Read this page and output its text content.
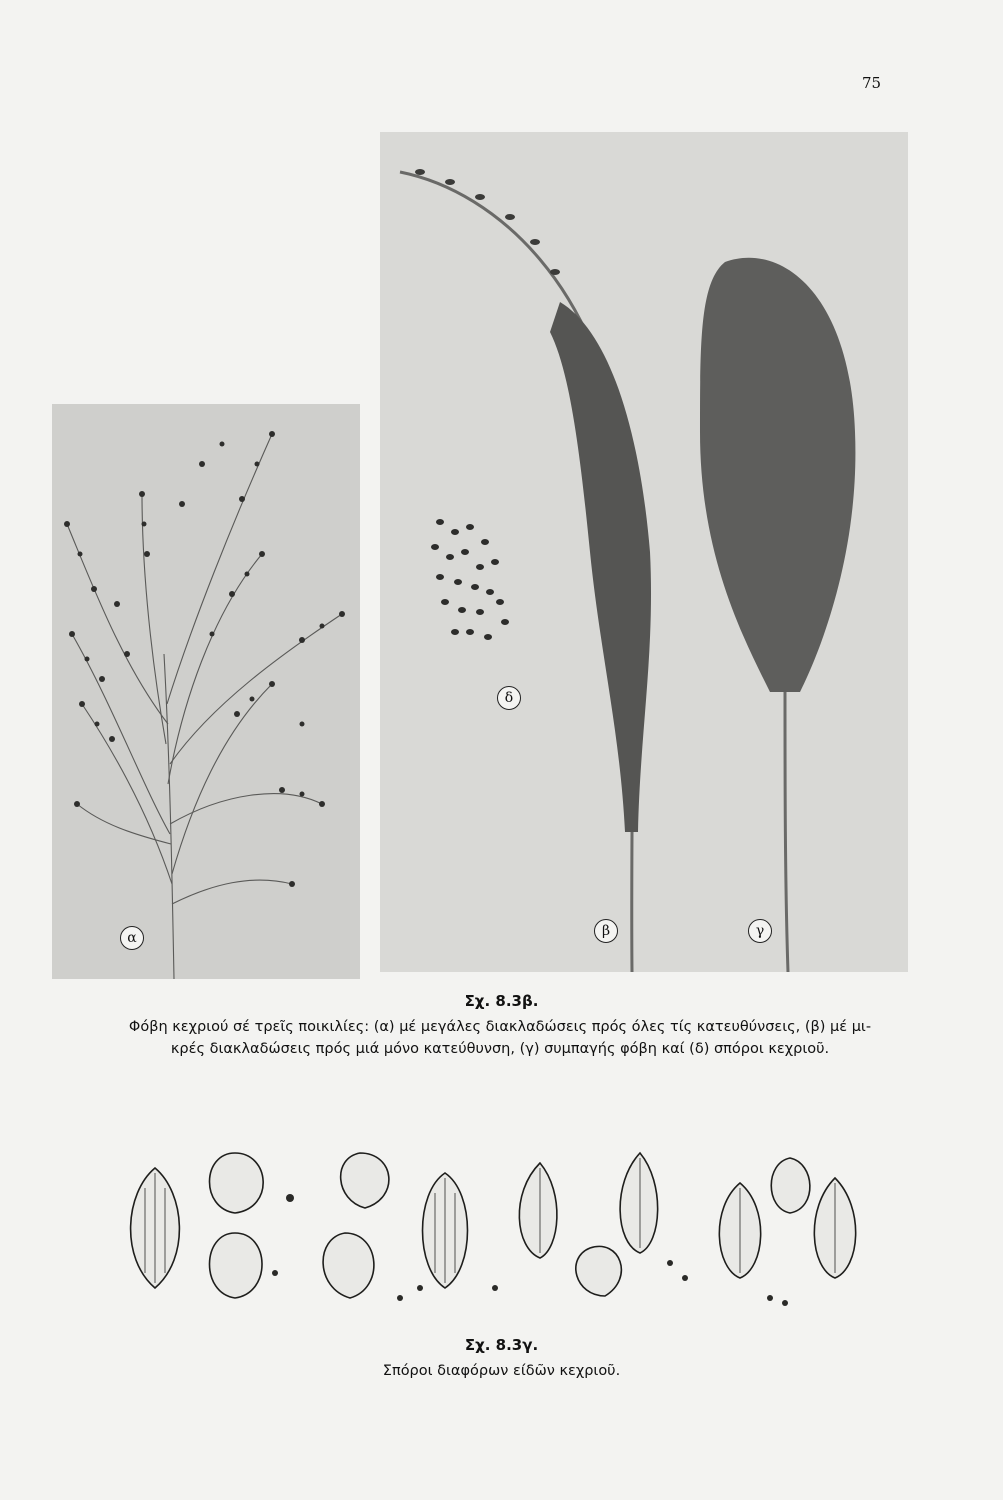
75
α
δ
β	γ
Σχ. 8.3β.
Φόβη κεχριού σέ τρεῖς ποικιλίες: (α) μέ μεγάλες διακλαδώσεις πρός όλες τίς κατευθύνσεις, (β) μέ μι-
κρές διακλαδώσεις πρός μιά μόνο κατεύθυνση, (γ) συμπαγής φόβη καί (δ) σπόροι κεχριοῦ.
Σχ. 8.3γ.
Σπόροι διαφόρων είδῶν κεχριοῦ.
